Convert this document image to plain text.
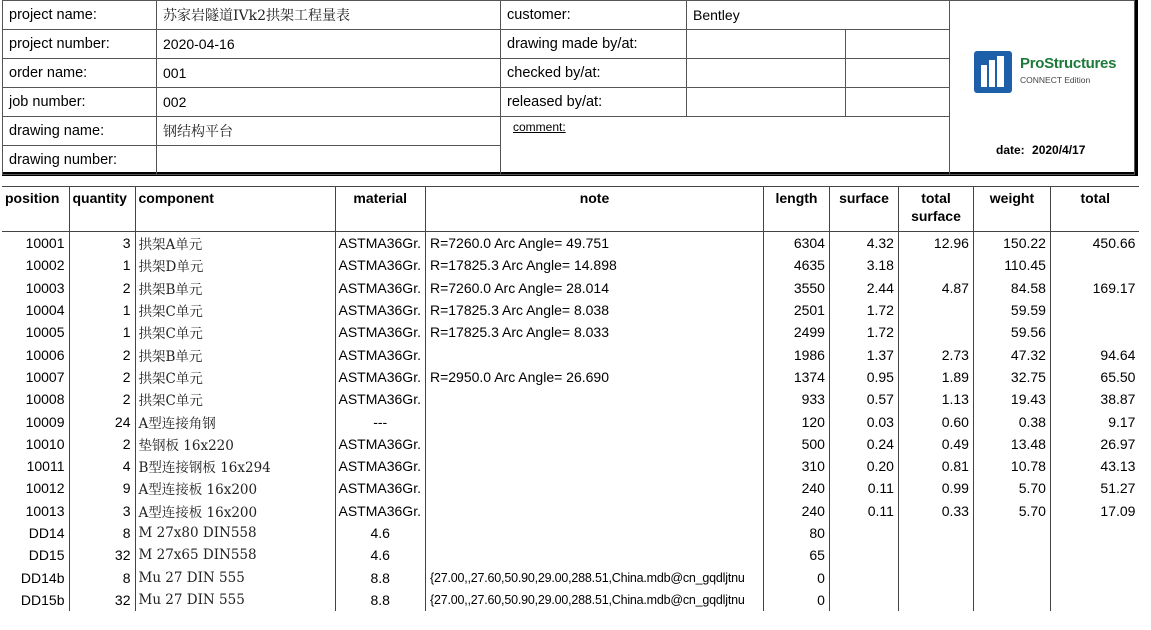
project name:	苏家岩隧道IVk2拱架工程量表	customer:	Bentley		ProStructures
CONNECT Edition
date: 2020/4/17

project number:	2020-04-16	drawing made by/at:			
order name:	001	checked by/at:			
job number:	002	released by/at:			
drawing name:	钢结构平台	comment:			
drawing number:					
position	quantity	component	material	note	length	surface	total surface	weight	total
10001	3	拱架A单元	ASTMA36Gr.	R=7260.0 Arc Angle= 49.751	6304	4.32	12.96	150.22	450.66
10002	1	拱架D单元	ASTMA36Gr.	R=17825.3 Arc Angle= 14.898	4635	3.18		110.45	
10003	2	拱架B单元	ASTMA36Gr.	R=7260.0 Arc Angle= 28.014	3550	2.44	4.87	84.58	169.17
10004	1	拱架C单元	ASTMA36Gr.	R=17825.3 Arc Angle= 8.038	2501	1.72		59.59	
10005	1	拱架C单元	ASTMA36Gr.	R=17825.3 Arc Angle= 8.033	2499	1.72		59.56	
10006	2	拱架B单元	ASTMA36Gr.		1986	1.37	2.73	47.32	94.64
10007	2	拱架C单元	ASTMA36Gr.	R=2950.0 Arc Angle= 26.690	1374	0.95	1.89	32.75	65.50
10008	2	拱架C单元	ASTMA36Gr.		933	0.57	1.13	19.43	38.87
10009	24	A型连接角钢	---		120	0.03	0.60	0.38	9.17
10010	2	垫钢板 16x220	ASTMA36Gr.		500	0.24	0.49	13.48	26.97
10011	4	B型连接钢板 16x294	ASTMA36Gr.		310	0.20	0.81	10.78	43.13
10012	9	A型连接板 16x200	ASTMA36Gr.		240	0.11	0.99	5.70	51.27
10013	3	A型连接板 16x200	ASTMA36Gr.		240	0.11	0.33	5.70	17.09
DD14	8	M 27x80 DIN558	4.6		80				
DD15	32	M 27x65 DIN558	4.6		65				
DD14b	8	Mu 27 DIN 555	8.8	{27.00,,27.60,50.90,29.00,288.51,China.mdb@cn_gqdljtnu	0				
DD15b	32	Mu 27 DIN 555	8.8	{27.00,,27.60,50.90,29.00,288.51,China.mdb@cn_gqdljtnu	0				
